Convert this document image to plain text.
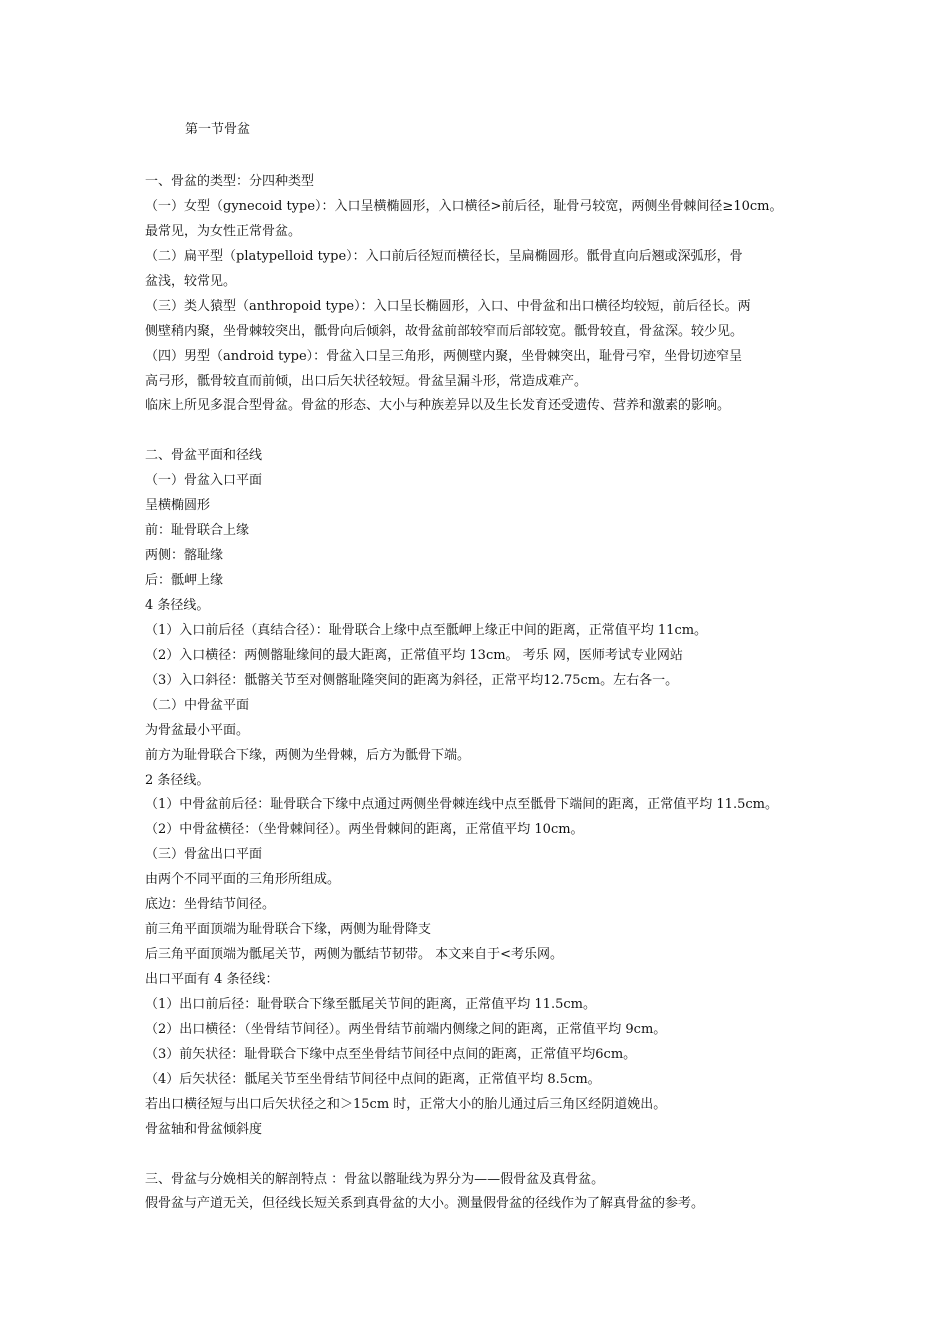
第一节骨盆
一、骨盆的类型：分四种类型
（一）女型（gynecoid type）：入口呈横椭圆形，入口横径>前后径，耻骨弓较宽，两侧坐骨棘间径≥10cm。
最常见，为女性正常骨盆。
（二）扁平型（platypelloid type）：入口前后径短而横径长，呈扁椭圆形。骶骨直向后翘或深弧形，骨
盆浅，较常见。
（三）类人猿型（anthropoid type）：入口呈长椭圆形，入口、中骨盆和出口横径均较短，前后径长。两
侧壁稍内聚，坐骨棘较突出，骶骨向后倾斜，故骨盆前部较窄而后部较宽。骶骨较直，骨盆深。较少见。
（四）男型（android type）：骨盆入口呈三角形，两侧壁内聚，坐骨棘突出，耻骨弓窄，坐骨切迹窄呈
高弓形，骶骨较直而前倾，出口后矢状径较短。骨盆呈漏斗形，常造成难产。
临床上所见多混合型骨盆。骨盆的形态、大小与种族差异以及生长发育还受遗传、营养和激素的影响。
二、骨盆平面和径线
（一）骨盆入口平面
呈横椭圆形
前：耻骨联合上缘
两侧：髂耻缘
后：骶岬上缘
4 条径线。
（1）入口前后径（真结合径）：耻骨联合上缘中点至骶岬上缘正中间的距离，正常值平均 11cm。
（2）入口横径：两侧髂耻缘间的最大距离，正常值平均 13cm。 考乐 网，医师考试专业网站
（3）入口斜径：骶髂关节至对侧髂耻隆突间的距离为斜径，正常平均12.75cm。左右各一。
（二）中骨盆平面
为骨盆最小平面。
前方为耻骨联合下缘，两侧为坐骨棘，后方为骶骨下端。
2 条径线。
（1）中骨盆前后径：耻骨联合下缘中点通过两侧坐骨棘连线中点至骶骨下端间的距离，正常值平均 11.5cm。
（2）中骨盆横径：（坐骨棘间径）。两坐骨棘间的距离，正常值平均 10cm。
（三）骨盆出口平面
由两个不同平面的三角形所组成。
底边：坐骨结节间径。
前三角平面顶端为耻骨联合下缘，两侧为耻骨降支
后三角平面顶端为骶尾关节，两侧为骶结节韧带。 本文来自于<考乐网。
出口平面有 4 条径线：
（1）出口前后径：耻骨联合下缘至骶尾关节间的距离，正常值平均 11.5cm。
（2）出口横径：（坐骨结节间径）。两坐骨结节前端内侧缘之间的距离，正常值平均 9cm。
（3）前矢状径：耻骨联合下缘中点至坐骨结节间径中点间的距离，正常值平均6cm。
（4）后矢状径：骶尾关节至坐骨结节间径中点间的距离，正常值平均 8.5cm。
若出口横径短与出口后矢状径之和＞15cm 时，正常大小的胎儿通过后三角区经阴道娩出。
骨盆轴和骨盆倾斜度
三、骨盆与分娩相关的解剖特点 ：骨盆以髂耻线为界分为——假骨盆及真骨盆。
假骨盆与产道无关，但径线长短关系到真骨盆的大小。测量假骨盆的径线作为了解真骨盆的参考。
